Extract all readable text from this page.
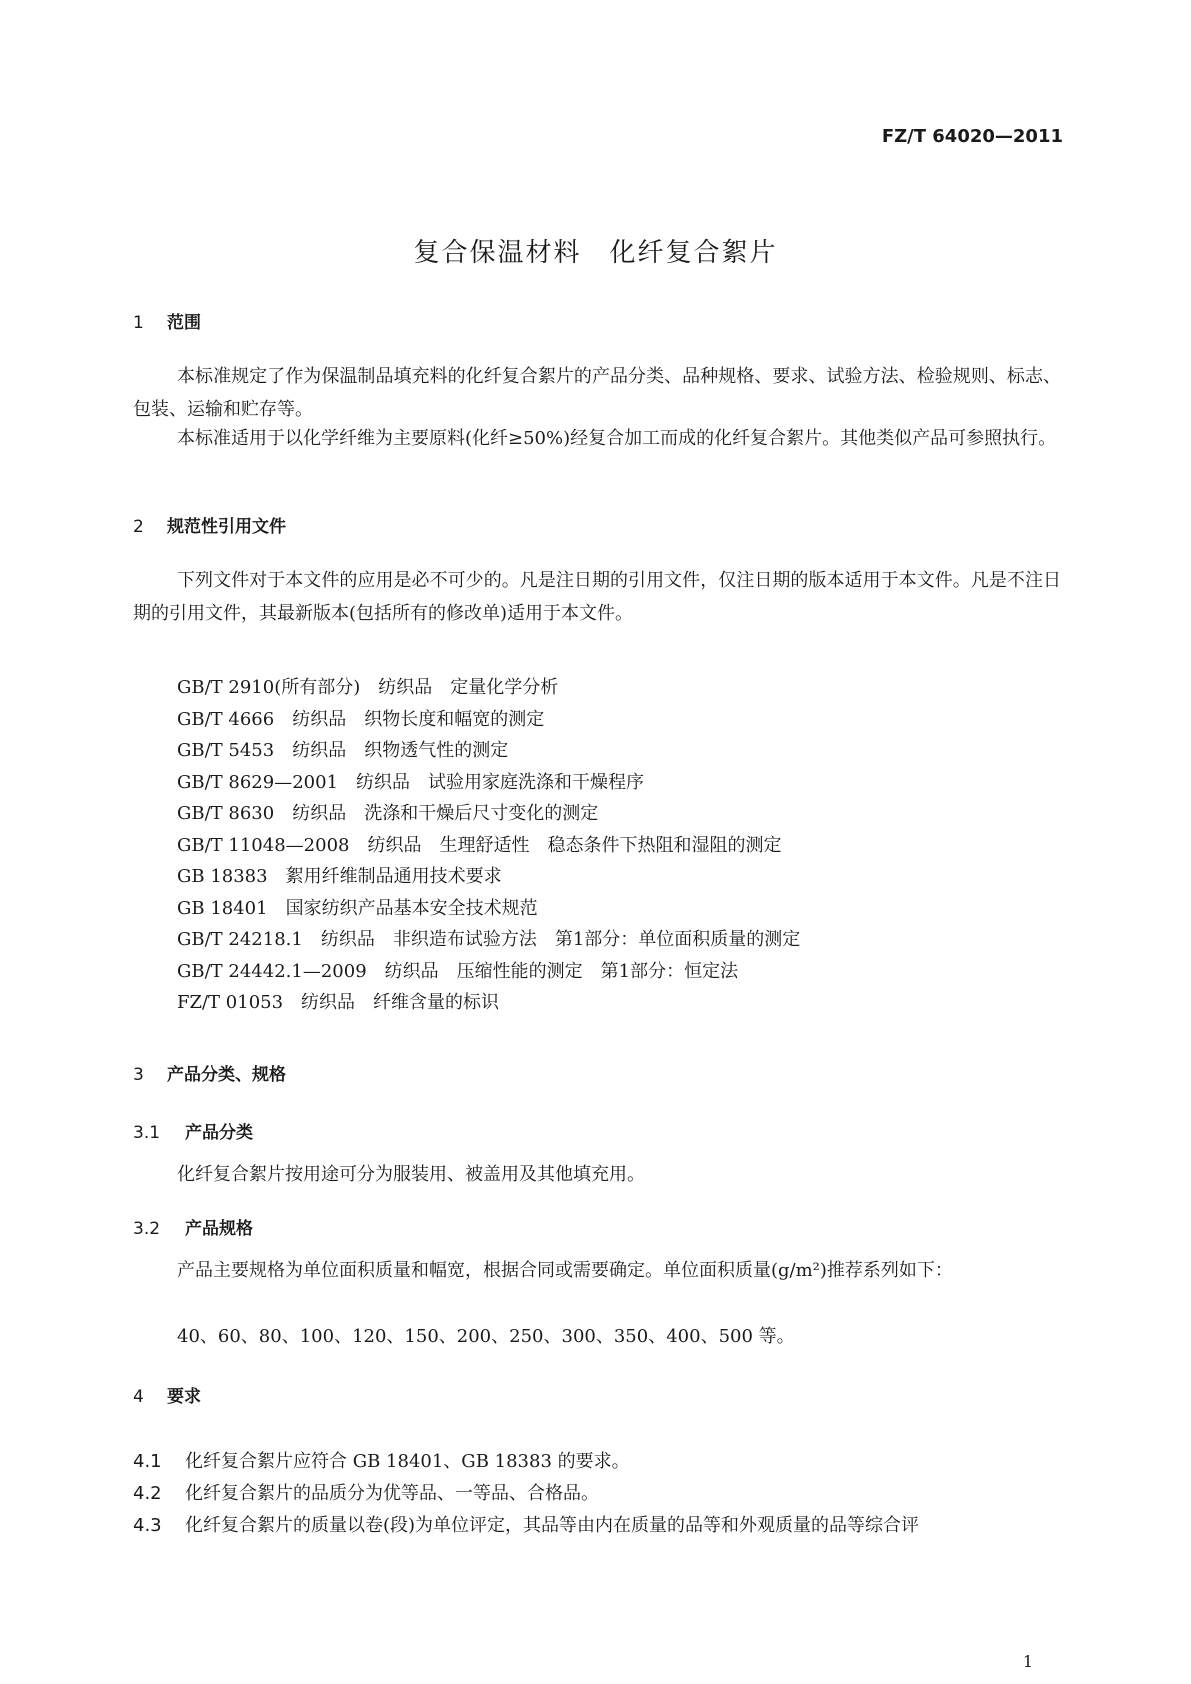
FZ/T 64020—2011
复合保温材料　化纤复合絮片
1 范围
本标准规定了作为保温制品填充料的化纤复合絮片的产品分类、品种规格、要求、试验方法、检验规则、标志、包装、运输和贮存等。
本标准适用于以化学纤维为主要原料(化纤≥50%)经复合加工而成的化纤复合絮片。其他类似产品可参照执行。
2 规范性引用文件
下列文件对于本文件的应用是必不可少的。凡是注日期的引用文件，仅注日期的版本适用于本文件。凡是不注日期的引用文件，其最新版本(包括所有的修改单)适用于本文件。
GB/T 2910(所有部分)　纺织品　定量化学分析
GB/T 4666　纺织品　织物长度和幅宽的测定
GB/T 5453　纺织品　织物透气性的测定
GB/T 8629—2001　纺织品　试验用家庭洗涤和干燥程序
GB/T 8630　纺织品　洗涤和干燥后尺寸变化的测定
GB/T 11048—2008　纺织品　生理舒适性　稳态条件下热阻和湿阻的测定
GB 18383　絮用纤维制品通用技术要求
GB 18401　国家纺织产品基本安全技术规范
GB/T 24218.1　纺织品　非织造布试验方法　第1部分：单位面积质量的测定
GB/T 24442.1—2009　纺织品　压缩性能的测定　第1部分：恒定法
FZ/T 01053　纺织品　纤维含量的标识
3 产品分类、规格
3.1 产品分类
化纤复合絮片按用途可分为服装用、被盖用及其他填充用。
3.2 产品规格
产品主要规格为单位面积质量和幅宽，根据合同或需要确定。单位面积质量(g/m²)推荐系列如下：
40、60、80、100、120、150、200、250、300、350、400、500 等。
4 要求
4.1 化纤复合絮片应符合 GB 18401、GB 18383 的要求。
4.2 化纤复合絮片的品质分为优等品、一等品、合格品。
4.3 化纤复合絮片的质量以卷(段)为单位评定，其品等由内在质量的品等和外观质量的品等综合评
1
